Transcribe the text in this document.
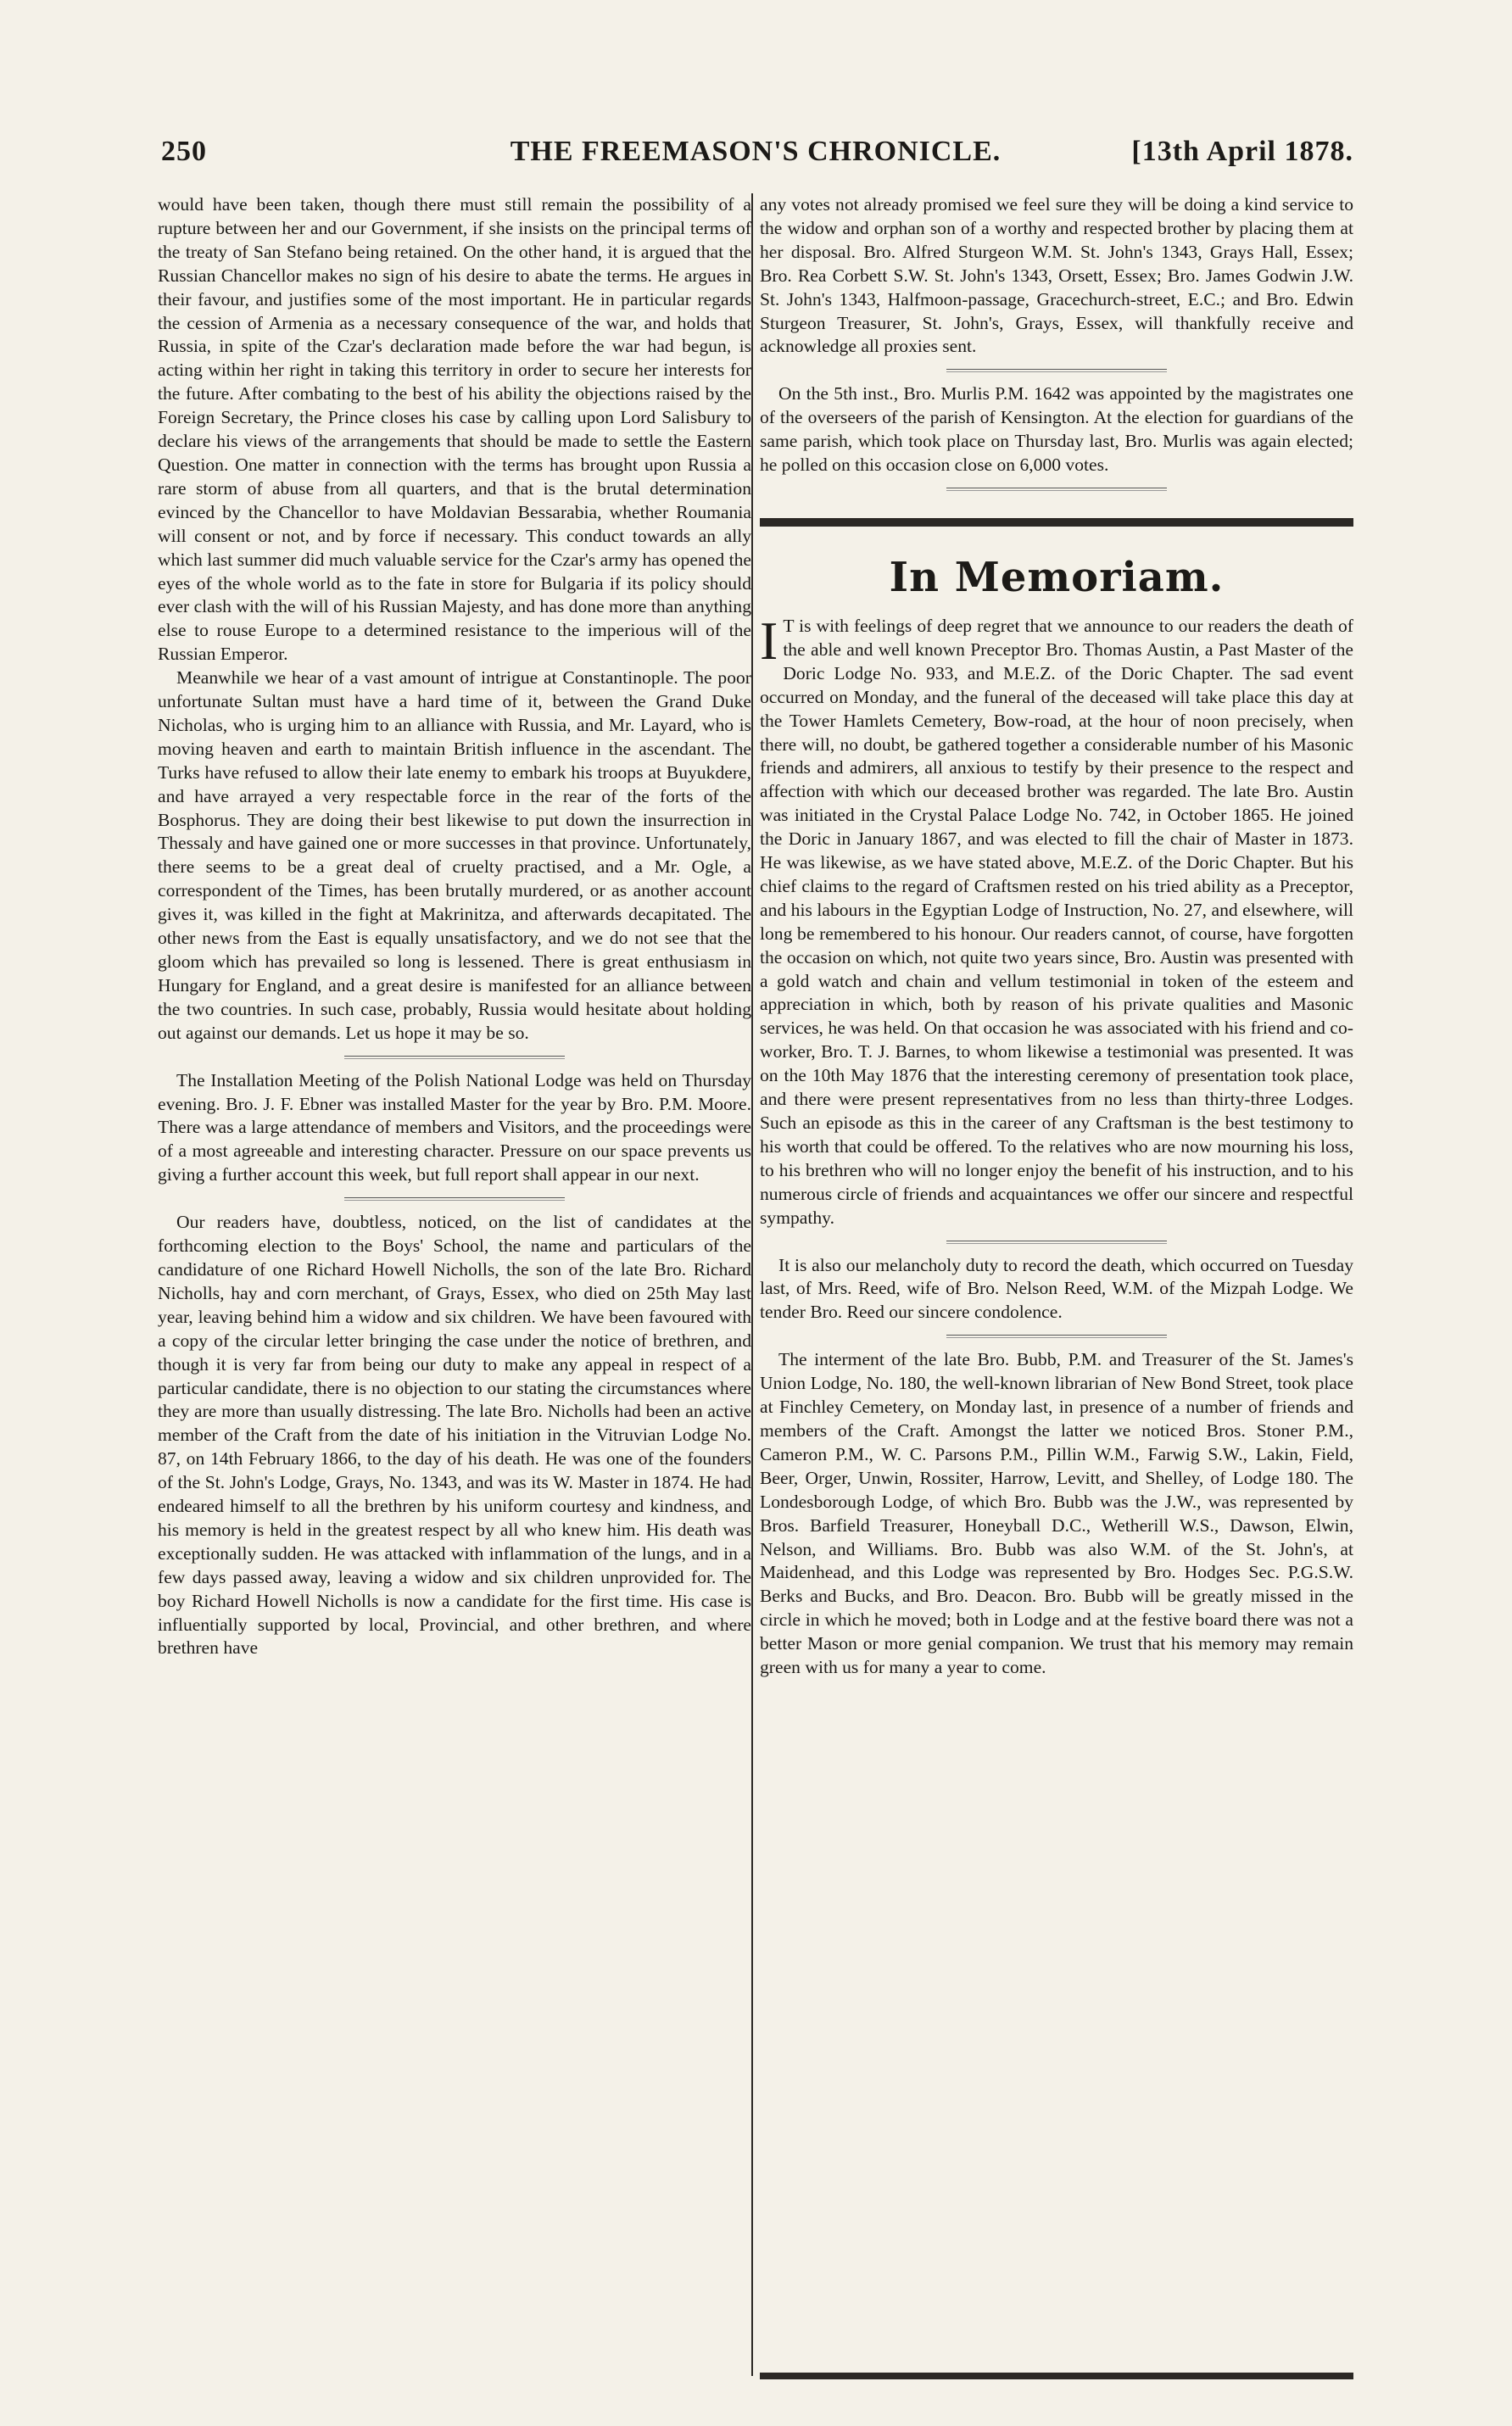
250	THE FREEMASON'S CHRONICLE.	[13th April 1878.

would have been taken, though there must still remain the possibility of a rupture between her and our Government, if she insists on the principal terms of the treaty of San Stefano being retained. On the other hand, it is argued that the Russian Chancellor makes no sign of his desire to abate the terms. He argues in their favour, and justifies some of the most important. He in particular regards the cession of Armenia as a necessary consequence of the war, and holds that Russia, in spite of the Czar's declaration made before the war had begun, is acting within her right in taking this territory in order to secure her interests for the future. After combating to the best of his ability the objections raised by the Foreign Secretary, the Prince closes his case by calling upon Lord Salisbury to declare his views of the arrangements that should be made to settle the Eastern Question. One matter in connection with the terms has brought upon Russia a rare storm of abuse from all quarters, and that is the brutal determination evinced by the Chancellor to have Moldavian Bessarabia, whether Roumania will consent or not, and by force if necessary. This conduct towards an ally which last summer did much valuable service for the Czar's army has opened the eyes of the whole world as to the fate in store for Bulgaria if its policy should ever clash with the will of his Russian Majesty, and has done more than anything else to rouse Europe to a determined resistance to the imperious will of the Russian Emperor.

Meanwhile we hear of a vast amount of intrigue at Constantinople. The poor unfortunate Sultan must have a hard time of it, between the Grand Duke Nicholas, who is urging him to an alliance with Russia, and Mr. Layard, who is moving heaven and earth to maintain British influence in the ascendant. The Turks have refused to allow their late enemy to embark his troops at Buyukdere, and have arrayed a very respectable force in the rear of the forts of the Bosphorus. They are doing their best likewise to put down the insurrection in Thessaly and have gained one or more successes in that province. Unfortunately, there seems to be a great deal of cruelty practised, and a Mr. Ogle, a correspondent of the Times, has been brutally murdered, or as another account gives it, was killed in the fight at Makrinitza, and afterwards decapitated. The other news from the East is equally unsatisfactory, and we do not see that the gloom which has prevailed so long is lessened. There is great enthusiasm in Hungary for England, and a great desire is manifested for an alliance between the two countries. In such case, probably, Russia would hesitate about holding out against our demands. Let us hope it may be so.

The Installation Meeting of the Polish National Lodge was held on Thursday evening. Bro. J. F. Ebner was installed Master for the year by Bro. P.M. Moore. There was a large attendance of members and Visitors, and the proceedings were of a most agreeable and interesting character. Pressure on our space prevents us giving a further account this week, but full report shall appear in our next.

Our readers have, doubtless, noticed, on the list of candidates at the forthcoming election to the Boys' School, the name and particulars of the candidature of one Richard Howell Nicholls, the son of the late Bro. Richard Nicholls, hay and corn merchant, of Grays, Essex, who died on 25th May last year, leaving behind him a widow and six children. We have been favoured with a copy of the circular letter bringing the case under the notice of brethren, and though it is very far from being our duty to make any appeal in respect of a particular candidate, there is no objection to our stating the circumstances where they are more than usually distressing. The late Bro. Nicholls had been an active member of the Craft from the date of his initiation in the Vitruvian Lodge No. 87, on 14th February 1866, to the day of his death. He was one of the founders of the St. John's Lodge, Grays, No. 1343, and was its W. Master in 1874. He had endeared himself to all the brethren by his uniform courtesy and kindness, and his memory is held in the greatest respect by all who knew him. His death was exceptionally sudden. He was attacked with inflammation of the lungs, and in a few days passed away, leaving a widow and six children unprovided for. The boy Richard Howell Nicholls is now a candidate for the first time. His case is influentially supported by local, Provincial, and other brethren, and where brethren have

any votes not already promised we feel sure they will be doing a kind service to the widow and orphan son of a worthy and respected brother by placing them at her disposal. Bro. Alfred Sturgeon W.M. St. John's 1343, Grays Hall, Essex; Bro. Rea Corbett S.W. St. John's 1343, Orsett, Essex; Bro. James Godwin J.W. St. John's 1343, Halfmoon-passage, Gracechurch-street, E.C.; and Bro. Edwin Sturgeon Treasurer, St. John's, Grays, Essex, will thankfully receive and acknowledge all proxies sent.

On the 5th inst., Bro. Murlis P.M. 1642 was appointed by the magistrates one of the overseers of the parish of Kensington. At the election for guardians of the same parish, which took place on Thursday last, Bro. Murlis was again elected; he polled on this occasion close on 6,000 votes.

In Memoriam.

I T is with feelings of deep regret that we announce to our readers the death of the able and well known Preceptor Bro. Thomas Austin, a Past Master of the Doric Lodge No. 933, and M.E.Z. of the Doric Chapter. The sad event occurred on Monday, and the funeral of the deceased will take place this day at the Tower Hamlets Cemetery, Bow-road, at the hour of noon precisely, when there will, no doubt, be gathered together a considerable number of his Masonic friends and admirers, all anxious to testify by their presence to the respect and affection with which our deceased brother was regarded. The late Bro. Austin was initiated in the Crystal Palace Lodge No. 742, in October 1865. He joined the Doric in January 1867, and was elected to fill the chair of Master in 1873. He was likewise, as we have stated above, M.E.Z. of the Doric Chapter. But his chief claims to the regard of Craftsmen rested on his tried ability as a Preceptor, and his labours in the Egyptian Lodge of Instruction, No. 27, and elsewhere, will long be remembered to his honour. Our readers cannot, of course, have forgotten the occasion on which, not quite two years since, Bro. Austin was presented with a gold watch and chain and vellum testimonial in token of the esteem and appreciation in which, both by reason of his private qualities and Masonic services, he was held. On that occasion he was associated with his friend and co-worker, Bro. T. J. Barnes, to whom likewise a testimonial was presented. It was on the 10th May 1876 that the interesting ceremony of presentation took place, and there were present representatives from no less than thirty-three Lodges. Such an episode as this in the career of any Craftsman is the best testimony to his worth that could be offered. To the relatives who are now mourning his loss, to his brethren who will no longer enjoy the benefit of his instruction, and to his numerous circle of friends and acquaintances we offer our sincere and respectful sympathy.

It is also our melancholy duty to record the death, which occurred on Tuesday last, of Mrs. Reed, wife of Bro. Nelson Reed, W.M. of the Mizpah Lodge. We tender Bro. Reed our sincere condolence.

The interment of the late Bro. Bubb, P.M. and Treasurer of the St. James's Union Lodge, No. 180, the well-known librarian of New Bond Street, took place at Finchley Cemetery, on Monday last, in presence of a number of friends and members of the Craft. Amongst the latter we noticed Bros. Stoner P.M., Cameron P.M., W. C. Parsons P.M., Pillin W.M., Farwig S.W., Lakin, Field, Beer, Orger, Unwin, Rossiter, Harrow, Levitt, and Shelley, of Lodge 180. The Londesborough Lodge, of which Bro. Bubb was the J.W., was represented by Bros. Barfield Treasurer, Honeyball D.C., Wetherill W.S., Dawson, Elwin, Nelson, and Williams. Bro. Bubb was also W.M. of the St. John's, at Maidenhead, and this Lodge was represented by Bro. Hodges Sec. P.G.S.W. Berks and Bucks, and Bro. Deacon. Bro. Bubb will be greatly missed in the circle in which he moved; both in Lodge and at the festive board there was not a better Mason or more genial companion. We trust that his memory may remain green with us for many a year to come.
